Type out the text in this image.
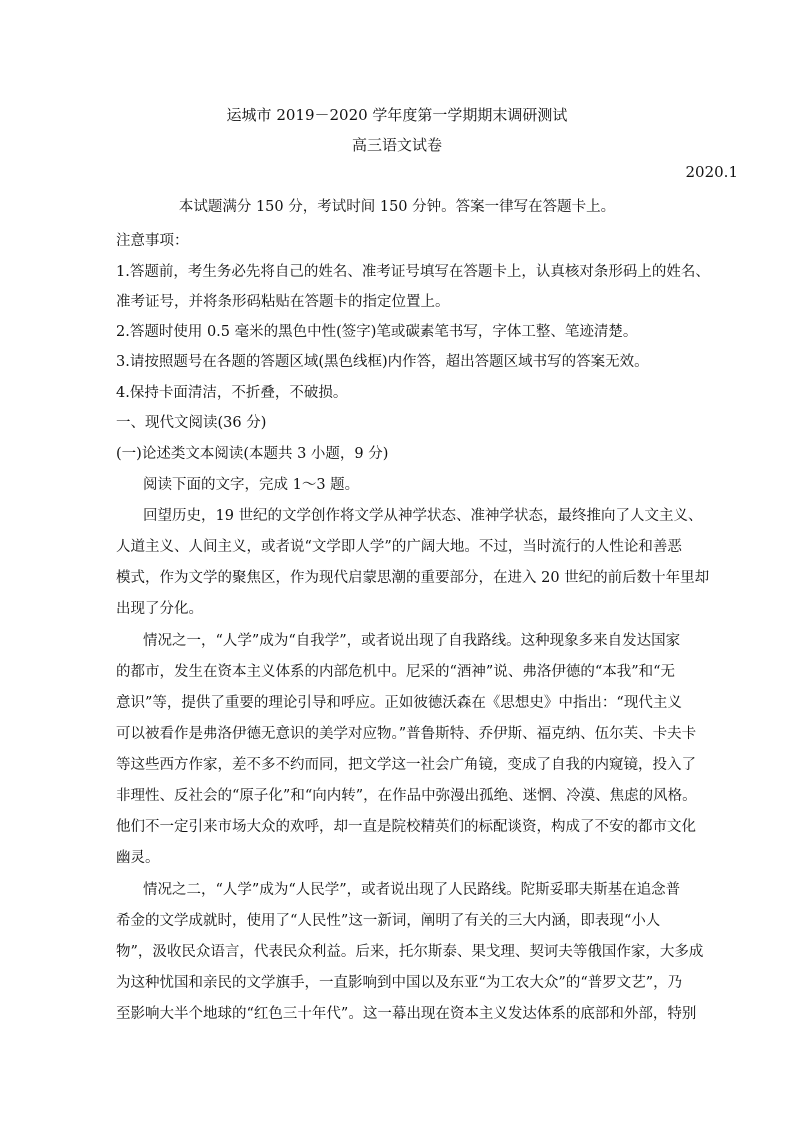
运城市 2019－2020 学年度第一学期期末调研测试
高三语文试卷
2020.1
本试题满分 150 分，考试时间 150 分钟。答案一律写在答题卡上。
注意事项：
1.答题前，考生务必先将自己的姓名、准考证号填写在答题卡上，认真核对条形码上的姓名、
准考证号，并将条形码粘贴在答题卡的指定位置上。
2.答题时使用 0.5 毫米的黑色中性(签字)笔或碳素笔书写，字体工整、笔迹清楚。
3.请按照题号在各题的答题区域(黑色线框)内作答，超出答题区域书写的答案无效。
4.保持卡面清洁，不折叠，不破损。
一、现代文阅读(36 分)
(一)论述类文本阅读(本题共 3 小题，9 分)
阅读下面的文字，完成 1～3 题。
回望历史，19 世纪的文学创作将文学从神学状态、准神学状态，最终推向了人文主义、
人道主义、人间主义，或者说“文学即人学”的广阔大地。不过，当时流行的人性论和善恶
模式，作为文学的聚焦区，作为现代启蒙思潮的重要部分，在进入 20 世纪的前后数十年里却
出现了分化。
情况之一，“人学”成为“自我学”，或者说出现了自我路线。这种现象多来自发达国家
的都市，发生在资本主义体系的内部危机中。尼采的“酒神”说、弗洛伊德的“本我”和“无
意识”等，提供了重要的理论引导和呼应。正如彼德沃森在《思想史》中指出：“现代主义
可以被看作是弗洛伊德无意识的美学对应物。”普鲁斯特、乔伊斯、福克纳、伍尔芙、卡夫卡
等这些西方作家，差不多不约而同，把文学这一社会广角镜，变成了自我的内窥镜，投入了
非理性、反社会的“原子化”和“向内转”，在作品中弥漫出孤绝、迷惘、冷漠、焦虑的风格。
他们不一定引来市场大众的欢呼，却一直是院校精英们的标配谈资，构成了不安的都市文化
幽灵。
情况之二，“人学”成为“人民学”，或者说出现了人民路线。陀斯妥耶夫斯基在追念普
希金的文学成就时，使用了“人民性”这一新词，阐明了有关的三大内涵，即表现“小人
物”，汲收民众语言，代表民众利益。后来，托尔斯泰、果戈理、契诃夫等俄国作家，大多成
为这种忧国和亲民的文学旗手，一直影响到中国以及东亚“为工农大众”的“普罗文艺”，乃
至影响大半个地球的“红色三十年代”。这一幕出现在资本主义发达体系的底部和外部，特别
